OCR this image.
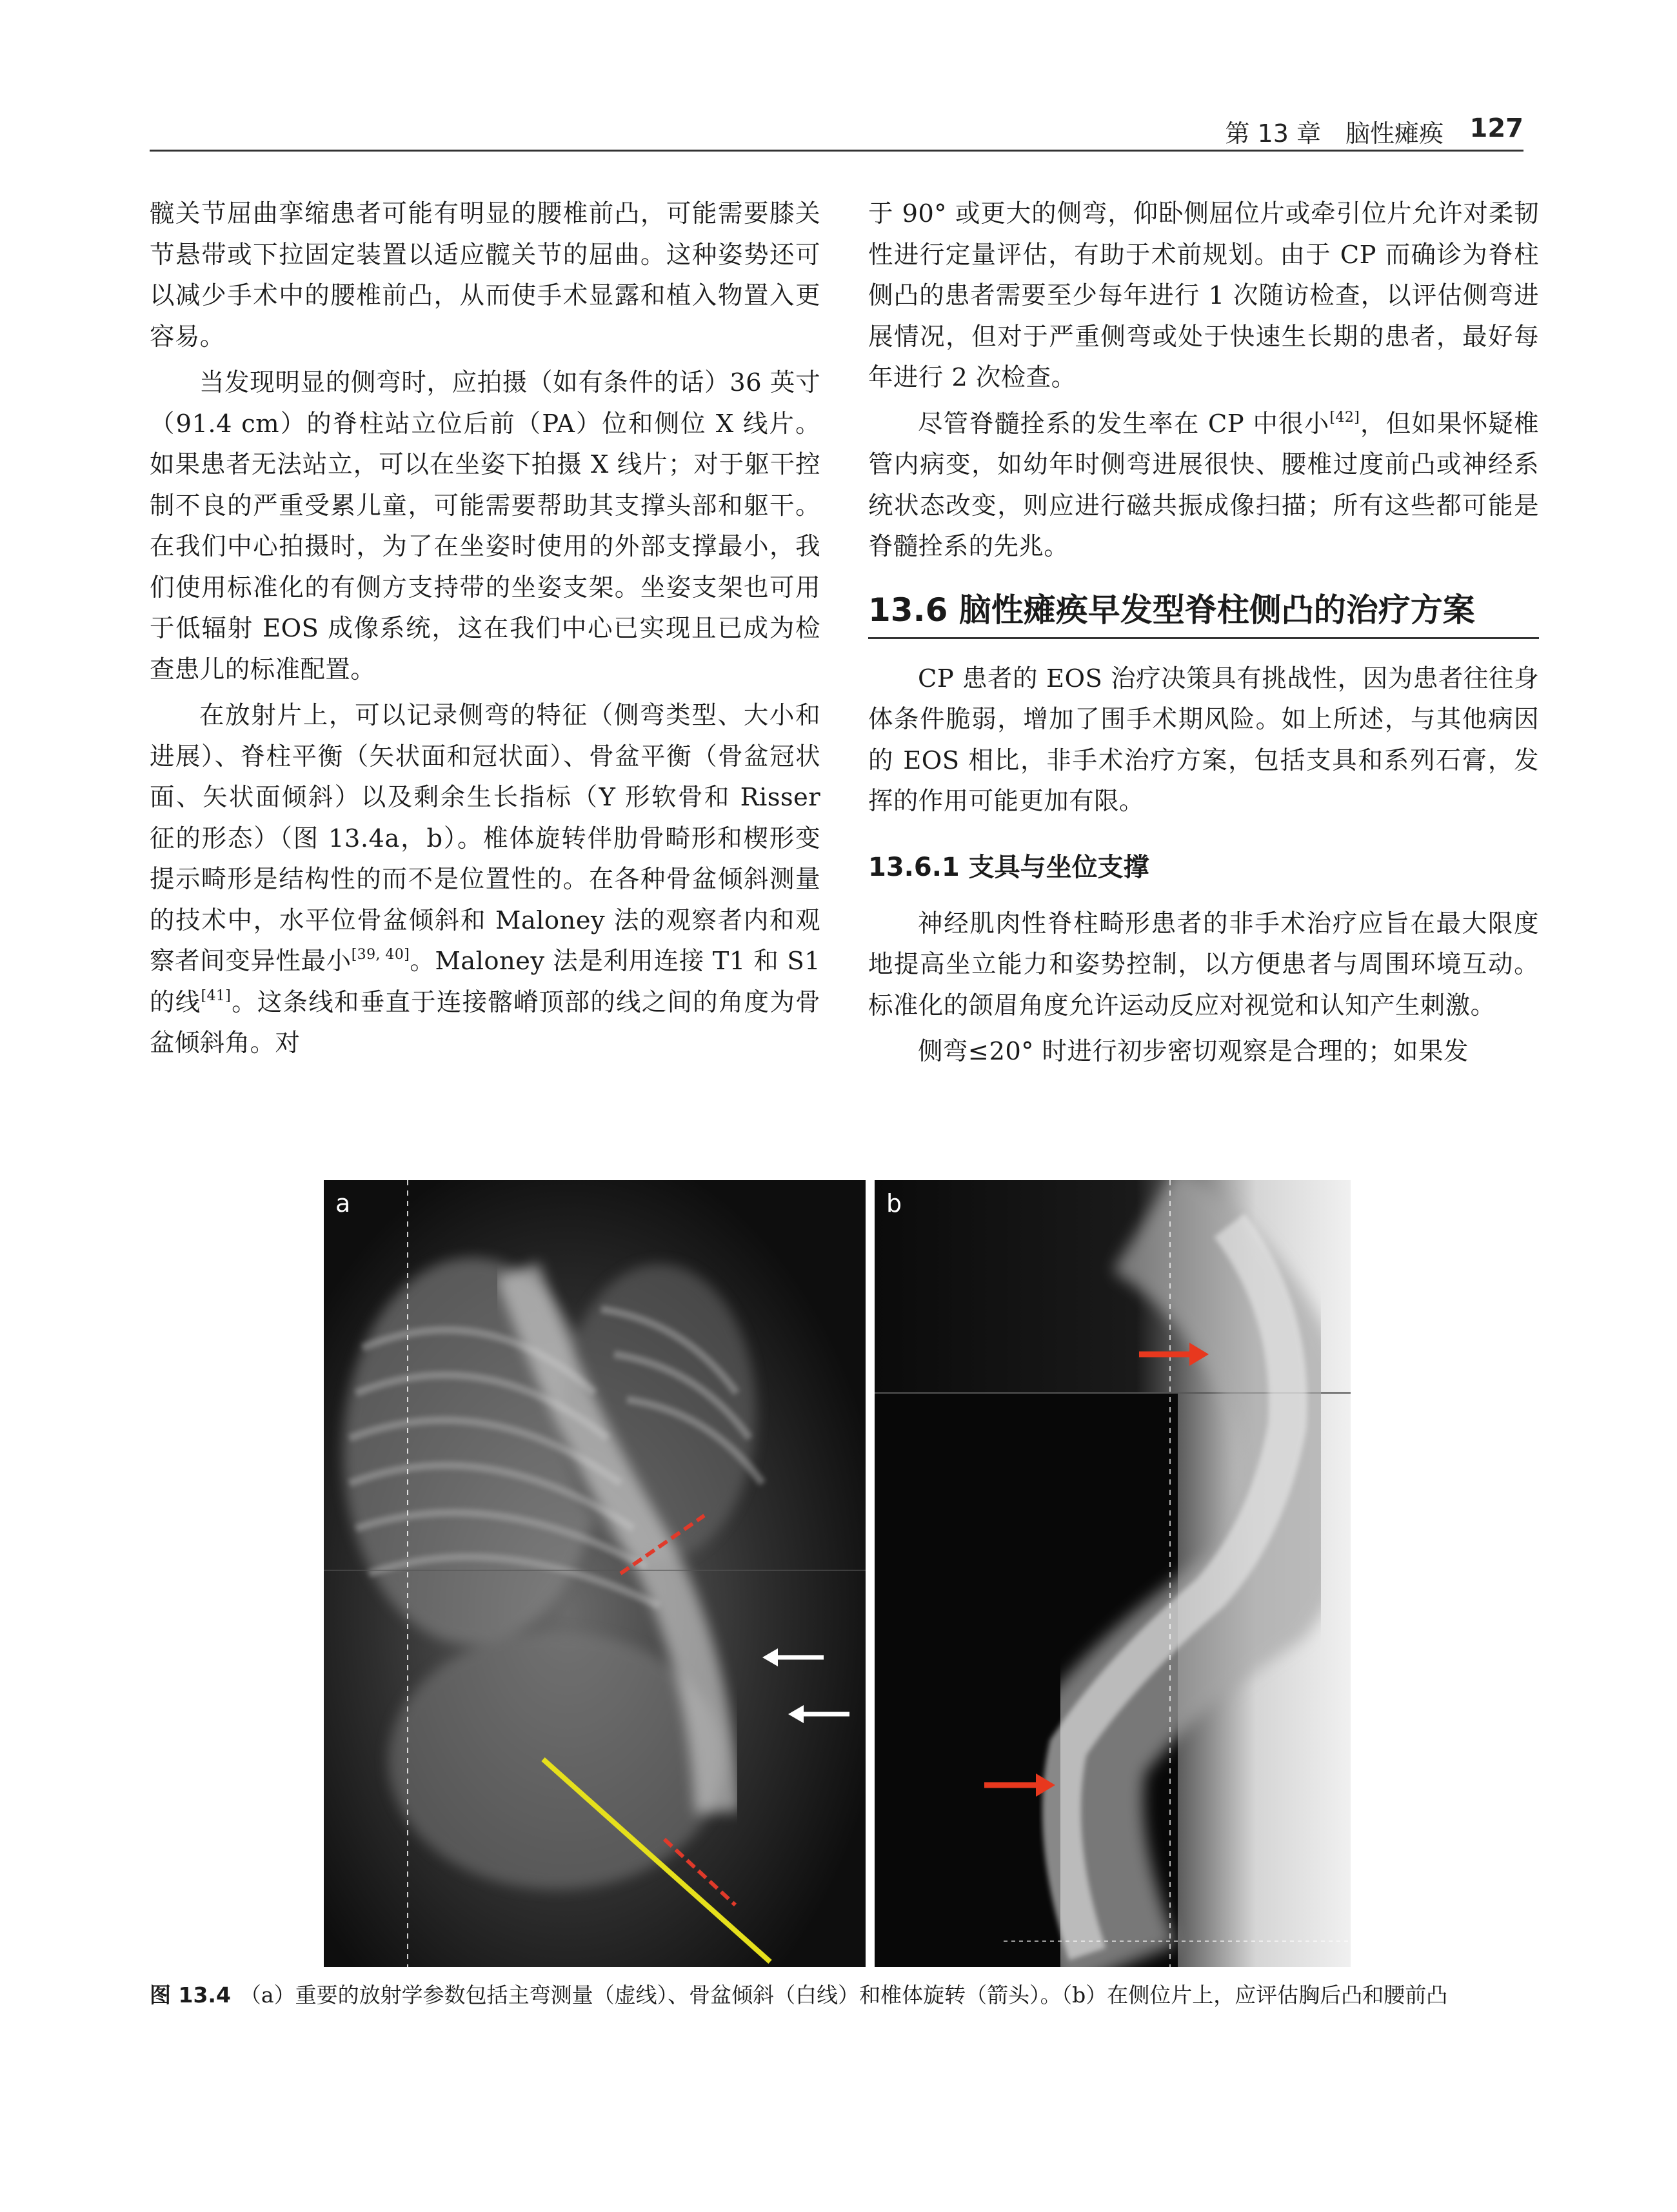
第 13 章　脑性瘫痪 127

髋关节屈曲挛缩患者可能有明显的腰椎前凸，可能需要膝关节悬带或下拉固定装置以适应髋关节的屈曲。这种姿势还可以减少手术中的腰椎前凸，从而使手术显露和植入物置入更容易。

当发现明显的侧弯时，应拍摄（如有条件的话）36 英寸（91.4 cm）的脊柱站立位后前（PA）位和侧位 X 线片。如果患者无法站立，可以在坐姿下拍摄 X 线片；对于躯干控制不良的严重受累儿童，可能需要帮助其支撑头部和躯干。在我们中心拍摄时，为了在坐姿时使用的外部支撑最小，我们使用标准化的有侧方支持带的坐姿支架。坐姿支架也可用于低辐射 EOS 成像系统，这在我们中心已实现且已成为检查患儿的标准配置。

在放射片上，可以记录侧弯的特征（侧弯类型、大小和进展）、脊柱平衡（矢状面和冠状面）、骨盆平衡（骨盆冠状面、矢状面倾斜）以及剩余生长指标（Y 形软骨和 Risser 征的形态）（图 13.4a，b）。椎体旋转伴肋骨畸形和楔形变提示畸形是结构性的而不是位置性的。在各种骨盆倾斜测量的技术中，水平位骨盆倾斜和 Maloney 法的观察者内和观察者间变异性最小[39, 40]。Maloney 法是利用连接 T1 和 S1 的线[41]。这条线和垂直于连接髂嵴顶部的线之间的角度为骨盆倾斜角。对

于 90° 或更大的侧弯，仰卧侧屈位片或牵引位片允许对柔韧性进行定量评估，有助于术前规划。由于 CP 而确诊为脊柱侧凸的患者需要至少每年进行 1 次随访检查，以评估侧弯进展情况，但对于严重侧弯或处于快速生长期的患者，最好每年进行 2 次检查。

尽管脊髓拴系的发生率在 CP 中很小[42]，但如果怀疑椎管内病变，如幼年时侧弯进展很快、腰椎过度前凸或神经系统状态改变，则应进行磁共振成像扫描；所有这些都可能是脊髓拴系的先兆。

13.6 脑性瘫痪早发型脊柱侧凸的治疗方案

CP 患者的 EOS 治疗决策具有挑战性，因为患者往往身体条件脆弱，增加了围手术期风险。如上所述，与其他病因的 EOS 相比，非手术治疗方案，包括支具和系列石膏，发挥的作用可能更加有限。

13.6.1 支具与坐位支撑

神经肌肉性脊柱畸形患者的非手术治疗应旨在最大限度地提高坐立能力和姿势控制，以方便患者与周围环境互动。标准化的颌眉角度允许运动反应对视觉和认知产生刺激。

侧弯≤20° 时进行初步密切观察是合理的；如果发

a	b
图 13.4 （a）重要的放射学参数包括主弯测量（虚线）、骨盆倾斜（白线）和椎体旋转（箭头）。（b）在侧位片上，应评估胸后凸和腰前凸
